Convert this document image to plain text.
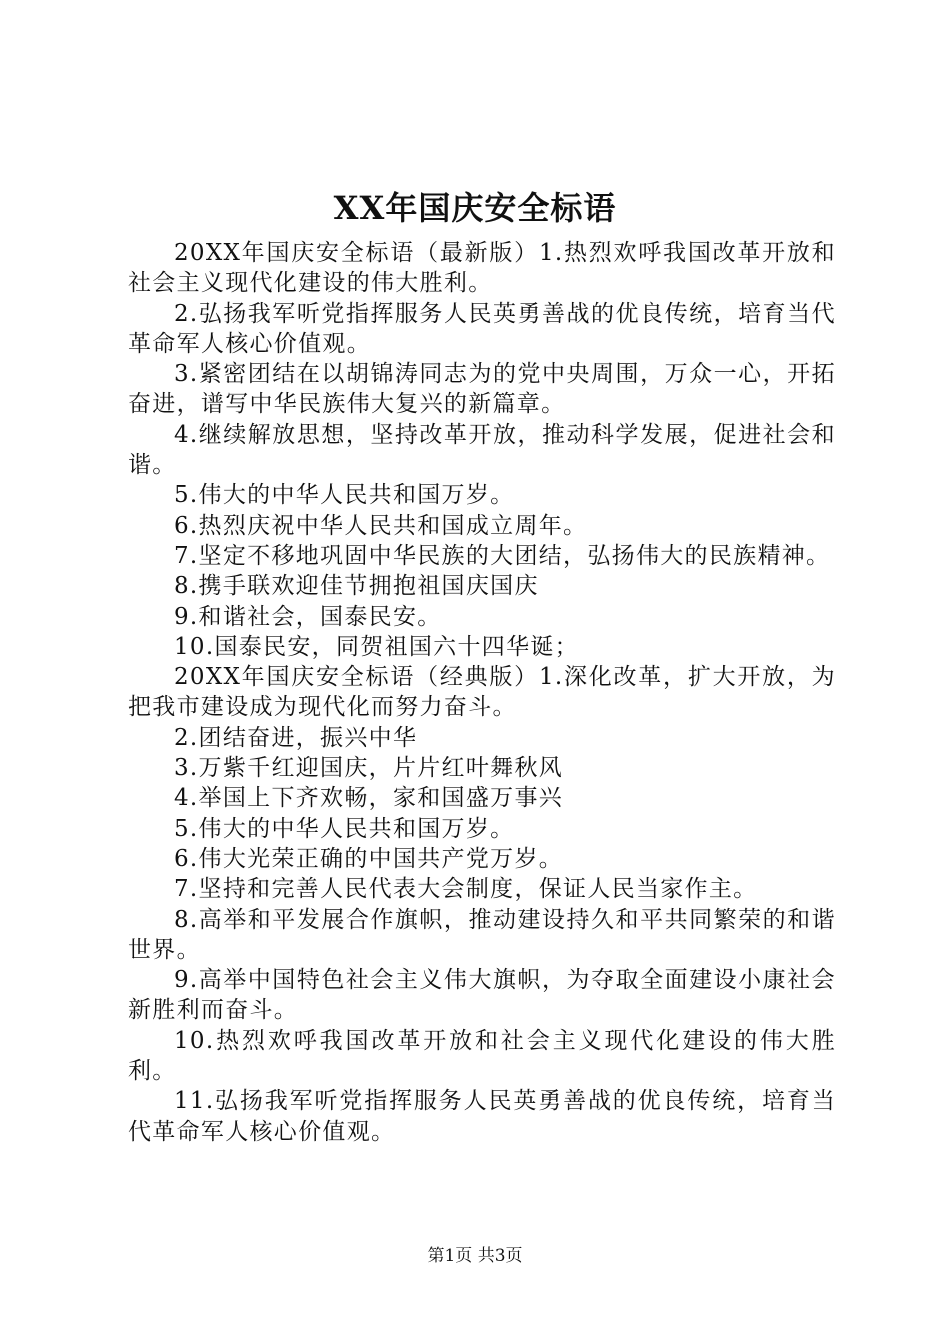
XX年国庆安全标语

20XX年国庆安全标语（最新版）1.热烈欢呼我国改革开放和社会主义现代化建设的伟大胜利。

2.弘扬我军听党指挥服务人民英勇善战的优良传统，培育当代革命军人核心价值观。

3.紧密团结在以胡锦涛同志为的党中央周围，万众一心，开拓奋进，谱写中华民族伟大复兴的新篇章。

4.继续解放思想，坚持改革开放，推动科学发展，促进社会和谐。

5.伟大的中华人民共和国万岁。

6.热烈庆祝中华人民共和国成立周年。

7.坚定不移地巩固中华民族的大团结，弘扬伟大的民族精神。

8.携手联欢迎佳节拥抱祖国庆国庆

9.和谐社会，国泰民安。

10.国泰民安，同贺祖国六十四华诞；

20XX年国庆安全标语（经典版）1.深化改革，扩大开放，为把我市建设成为现代化而努力奋斗。

2.团结奋进，振兴中华

3.万紫千红迎国庆，片片红叶舞秋风

4.举国上下齐欢畅，家和国盛万事兴

5.伟大的中华人民共和国万岁。

6.伟大光荣正确的中国共产党万岁。

7.坚持和完善人民代表大会制度，保证人民当家作主。

8.高举和平发展合作旗帜，推动建设持久和平共同繁荣的和谐世界。

9.高举中国特色社会主义伟大旗帜，为夺取全面建设小康社会新胜利而奋斗。

10.热烈欢呼我国改革开放和社会主义现代化建设的伟大胜利。

11.弘扬我军听党指挥服务人民英勇善战的优良传统，培育当代革命军人核心价值观。

第1页 共3页
